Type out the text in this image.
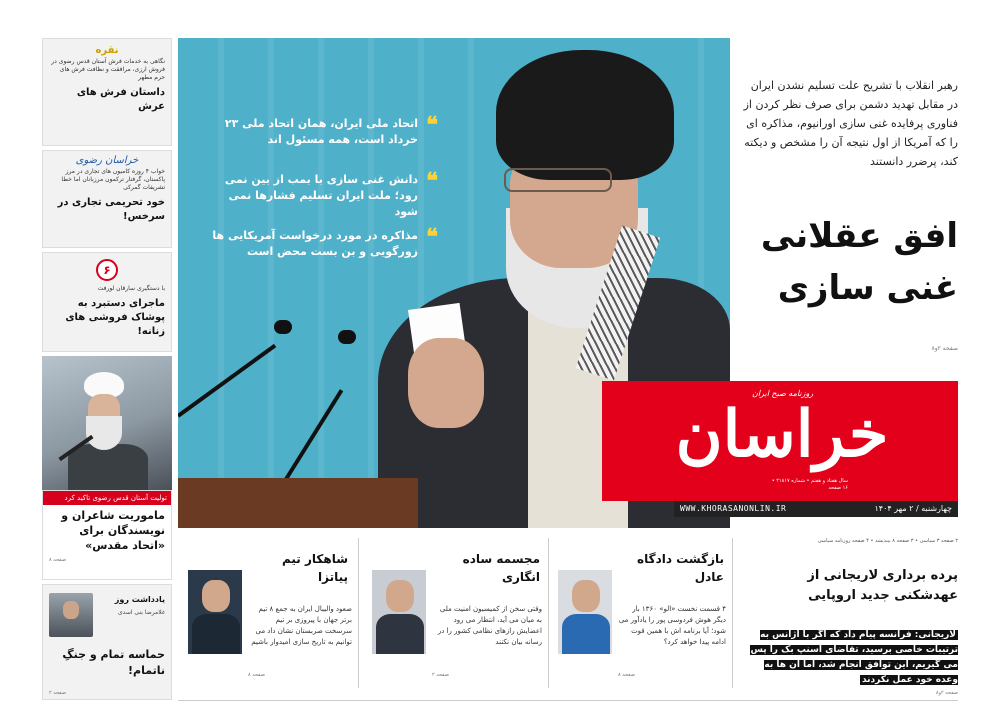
نقره
نگاهی به خدمات فرش آستان قدس رضوی در فروش ارزی، مرافقت و نظافت فرش های حرم مطهر
داستان فرش های عرش
خراسان رضوی
خواب ۴ روزه کامیون های تجاری در مرز پاکستان، گرفتار ترکمون مرزبانان اما خطا تشریفات گمرکی
خود تحریمی تجاری در سرخس!
۶
با دستگیری سارقان لورفت
ماجرای دستبرد به پوشاک فروشی های زنانه!
تولیت آستان قدس رضوی تاکید کرد
ماموریت شاعران و نویسندگان برای «اتحاد مقدس»
صفحه ۸
یادداشت روز
غلامرضا بنی اسدی
حماسه تمام و جنگِ ناتمام!
صفحه ۲
❝
اتحاد ملی ایران، همان اتحاد ملی ۲۳ خرداد است، همه مسئول اند
❝
دانش غنی سازی با بمب از بین نمی رود؛ ملت ایران تسلیم فشارها نمی شود
❝
مذاکره در مورد درخواست آمریکایی ها زورگویی و بن بست محض است
رهبر انقلاب با تشریح علت تسلیم نشدن ایران در مقابل تهدید دشمن برای صرف نظر کردن از فناوری پرفایده غنی سازی اورانیوم، مذاکره ای را که آمریکا از اول نتیجه آن را مشخص و دیکته کند، پرضرر دانستند
افق عقلانی غنی سازی
صفحه ۲و۸
روزنامه صبح ایران
خراسان
سال هفتاد و هفتم • شماره ۲۱۸۱۷ • ۱۶ صفحه
WWW.KHORASANONLIN.IR	چهارشنبه / ۲ مهر ۱۴۰۴
شاهکار تیم پیاتزا
صعود والیبال ایران به جمع ۸ تیم برتر جهان با پیروزی بر تیم سرسخت صربستان نشان داد می توانیم به تاریخ سازی امیدوار باشیم
صفحه ۸
مجسمه ساده انگاری
وقتی سخن از کمیسیون امنیت ملی به میان می آید، انتظار می رود اعضایش رازهای نظامی کشور را در رسانه بیان نکنند
صفحه ۲
بازگشت دادگاه عادل
۴ قسمت نخست «الو» ۱۳۶۰ بار دیگر هوش فردوسی پور را یادآور می شود؛ آیا برنامه اش با همین قوت ادامه پیدا خواهد کرد؟
صفحه ۸
۲ صفحه ۳ سیاسی • ۳ صفحه ۸ بیندیشد • ۴ صفحه روزنامه سیاسی
پرده برداری لاریجانی از عهدشکنی جدید اروپایی
لاریجانی: فرانسه پیام داد که اگر با آژانس به ترتیبات خاصی برسید، تقاضای اسنپ بک را پس می گیریم، این توافق انجام شد، اما آن ها به وعده خود عمل نکردند
صفحه ۲و۸
